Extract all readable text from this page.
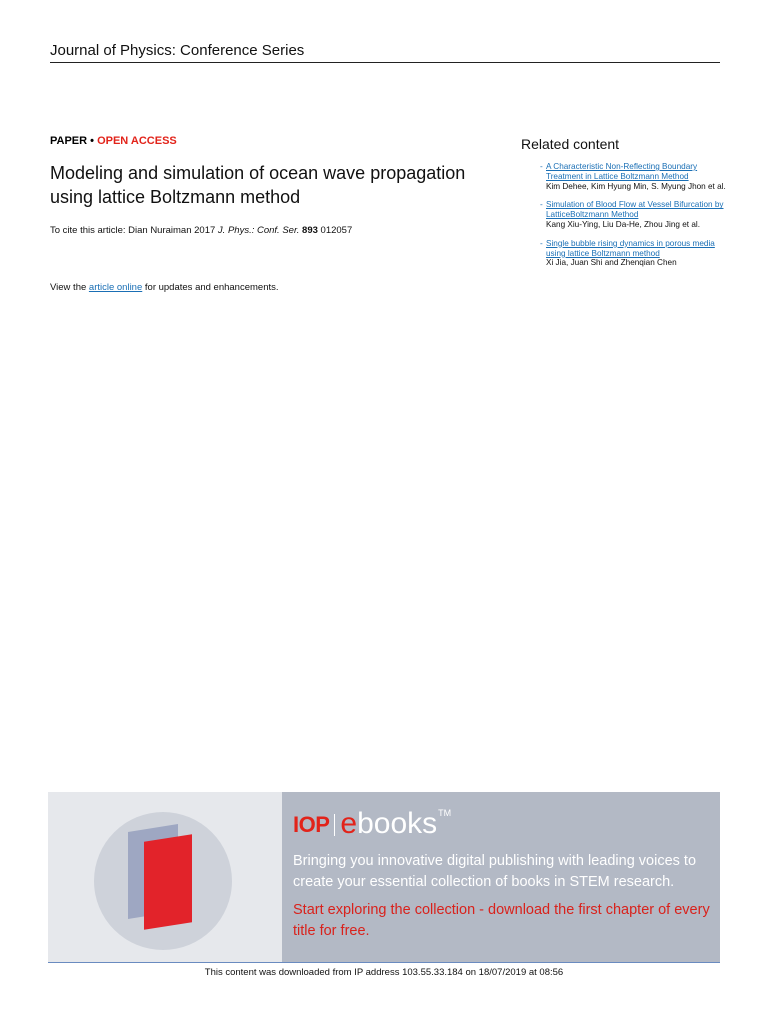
Journal of Physics: Conference Series
PAPER • OPEN ACCESS
Modeling and simulation of ocean wave propagation using lattice Boltzmann method
To cite this article: Dian Nuraiman 2017 J. Phys.: Conf. Ser. 893 012057
View the article online for updates and enhancements.
Related content
- A Characteristic Non-Reflecting Boundary Treatment in Lattice Boltzmann Method
Kim Dehee, Kim Hyung Min, S. Myung Jhon et al.
- Simulation of Blood Flow at Vessel Bifurcation by LatticeBoltzmann Method
Kang Xiu-Ying, Liu Da-He, Zhou Jing et al.
- Single bubble rising dynamics in porous media using lattice Boltzmann method
Xi Jia, Juan Shi and Zhenqian Chen
IOP e books TM
Bringing you innovative digital publishing with leading voices to create your essential collection of books in STEM research.
Start exploring the collection - download the first chapter of every title for free.
This content was downloaded from IP address 103.55.33.184 on 18/07/2019 at 08:56
